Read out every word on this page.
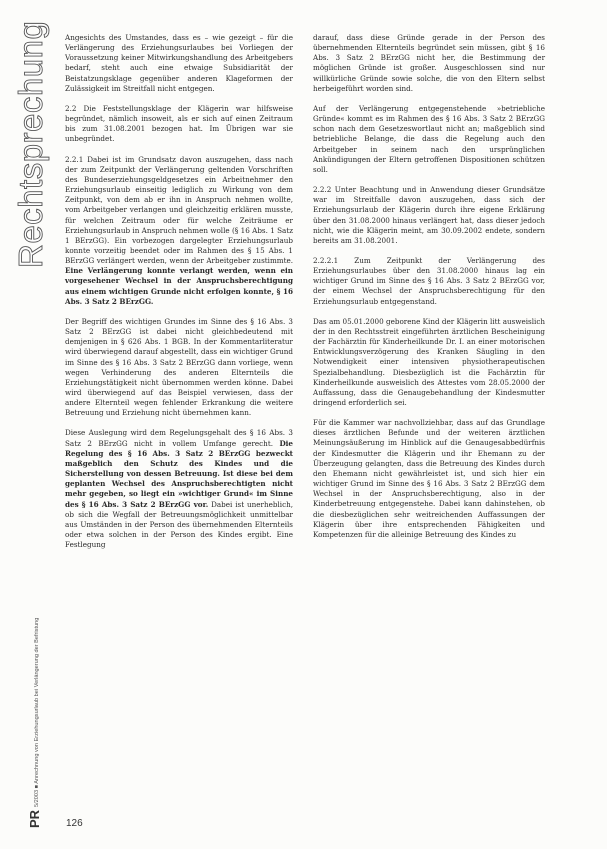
Rechtsprechung
PR
5/2003 ■ Anrechnung von Erziehungsurlaub bei Verlängerung der Befristung

Angesichts des Umstandes, dass es – wie gezeigt – für die Verlängerung des Erziehungsurlaubes bei Vorliegen der Voraussetzung keiner Mitwirkungshandlung des Arbeitgebers bedarf, steht auch eine etwaige Subsidiarität der Beistatzungsklage gegenüber anderen Klageformen der Zulässigkeit im Streitfall nicht entgegen.

2.2 Die Feststellungsklage der Klägerin war hilfsweise begründet, nämlich insoweit, als er sich auf einen Zeitraum bis zum 31.08.2001 bezogen hat. Im Übrigen war sie unbegründet.

2.2.1 Dabei ist im Grundsatz davon auszugehen, dass nach der zum Zeitpunkt der Verlängerung geltenden Vorschriften des Bundeserziehungsgeldgesetzes ein Arbeitnehmer den Erziehungsurlaub einseitig lediglich zu Wirkung von dem Zeitpunkt, von dem ab er ihn in Anspruch nehmen wollte, vom Arbeitgeber verlangen und gleichzeitig erklären musste, für welchen Zeitraum oder für welche Zeiträume er Erziehungsurlaub in Anspruch nehmen wolle (§ 16 Abs. 1 Satz 1 BErzGG). Ein vorbezogen dargelegter Erziehungsurlaub konnte vorzeitig beendet oder im Rahmen des § 15 Abs. 1 BErzGG verlängert werden, wenn der Arbeitgeber zustimmte. Eine Verlängerung konnte verlangt werden, wenn ein vorgesehener Wechsel in der Anspruchsberechtigung aus einem wichtigen Grunde nicht erfolgen konnte, § 16 Abs. 3 Satz 2 BErzGG.

Der Begriff des wichtigen Grundes im Sinne des § 16 Abs. 3 Satz 2 BErzGG ist dabei nicht gleichbedeutend mit demjenigen in § 626 Abs. 1 BGB. In der Kommentarliteratur wird überwiegend darauf abgestellt, dass ein wichtiger Grund im Sinne des § 16 Abs. 3 Satz 2 BErzGG dann vorliege, wenn wegen Verhinderung des anderen Elternteils die Erziehungstätigkeit nicht übernommen werden könne. Dabei wird überwiegend auf das Beispiel verwiesen, dass der andere Elternteil wegen fehlender Erkrankung die weitere Betreuung und Erziehung nicht übernehmen kann.

Diese Auslegung wird dem Regelungsgehalt des § 16 Abs. 3 Satz 2 BErzGG nicht in vollem Umfange gerecht. Die Regelung des § 16 Abs. 3 Satz 2 BErzGG bezweckt maßgeblich den Schutz des Kindes und die Sicherstellung von dessen Betreuung. Ist diese bei dem geplanten Wechsel des Anspruchsberechtigten nicht mehr gegeben, so liegt ein »wichtiger Grund« im Sinne des § 16 Abs. 3 Satz 2 BErzGG vor. Dabei ist unerheblich, ob sich die Wegfall der Betreuungsmöglichkeit unmittelbar aus Umständen in der Person des übernehmenden Elternteils oder etwa solchen in der Person des Kindes ergibt. Eine Festlegung

darauf, dass diese Gründe gerade in der Person des übernehmenden Elternteils begründet sein müssen, gibt § 16 Abs. 3 Satz 2 BErzGG nicht her, die Bestimmung der möglichen Gründe ist großer. Ausgeschlossen sind nur willkürliche Gründe sowie solche, die von den Eltern selbst herbeigeführt worden sind.

Auf der Verlängerung entgegenstehende »betriebliche Gründe« kommt es im Rahmen des § 16 Abs. 3 Satz 2 BErzGG schon nach dem Gesetzeswortlaut nicht an; maßgeblich sind betriebliche Belange, die dass die Regelung auch den Arbeitgeber in seinem nach den ursprünglichen Ankündigungen der Eltern getroffenen Dispositionen schützen soll.

2.2.2 Unter Beachtung und in Anwendung dieser Grundsätze war im Streitfalle davon auszugehen, dass sich der Erziehungsurlaub der Klägerin durch ihre eigene Erklärung über den 31.08.2000 hinaus verlängert hat, dass dieser jedoch nicht, wie die Klägerin meint, am 30.09.2002 endete, sondern bereits am 31.08.2001.

2.2.2.1 Zum Zeitpunkt der Verlängerung des Erziehungsurlaubes über den 31.08.2000 hinaus lag ein wichtiger Grund im Sinne des § 16 Abs. 3 Satz 2 BErzGG vor, der einem Wechsel der Anspruchsberechtigung für den Erziehungsurlaub entgegenstand.

Das am 05.01.2000 geborene Kind der Klägerin litt ausweislich der in den Rechtsstreit eingeführten ärztlichen Bescheinigung der Fachärztin für Kinderheilkunde Dr. I. an einer motorischen Entwicklungsverzögerung des Kranken Säugling in den Notwendigkeit einer intensiven physiotherapeutischen Spezialbehandlung. Diesbezüglich ist die Fachärztin für Kinderheilkunde ausweislich des Attestes vom 28.05.2000 der Auffassung, dass die Genaugebehandlung der Kindesmutter dringend erforderlich sei.

Für die Kammer war nachvollziehbar, dass auf das Grundlage dieses ärztlichen Befunde und der weiteren ärztlichen Meinungsäußerung im Hinblick auf die Genaugesabbedürfnis der Kindesmutter die Klägerin und ihr Ehemann zu der Überzeugung gelangten, dass die Betreuung des Kindes durch den Ehemann nicht gewährleistet ist, und sich hier ein wichtiger Grund im Sinne des § 16 Abs. 3 Satz 2 BErzGG dem Wechsel in der Anspruchsberechtigung, also in der Kinderbetreuung entgegenstehe. Dabei kann dahinstehen, ob die diesbezüglichen sehr weitreichenden Auffassungen der Klägerin über ihre entsprechenden Fähigkeiten und Kompetenzen für die alleinige Betreuung des Kindes zu

126
